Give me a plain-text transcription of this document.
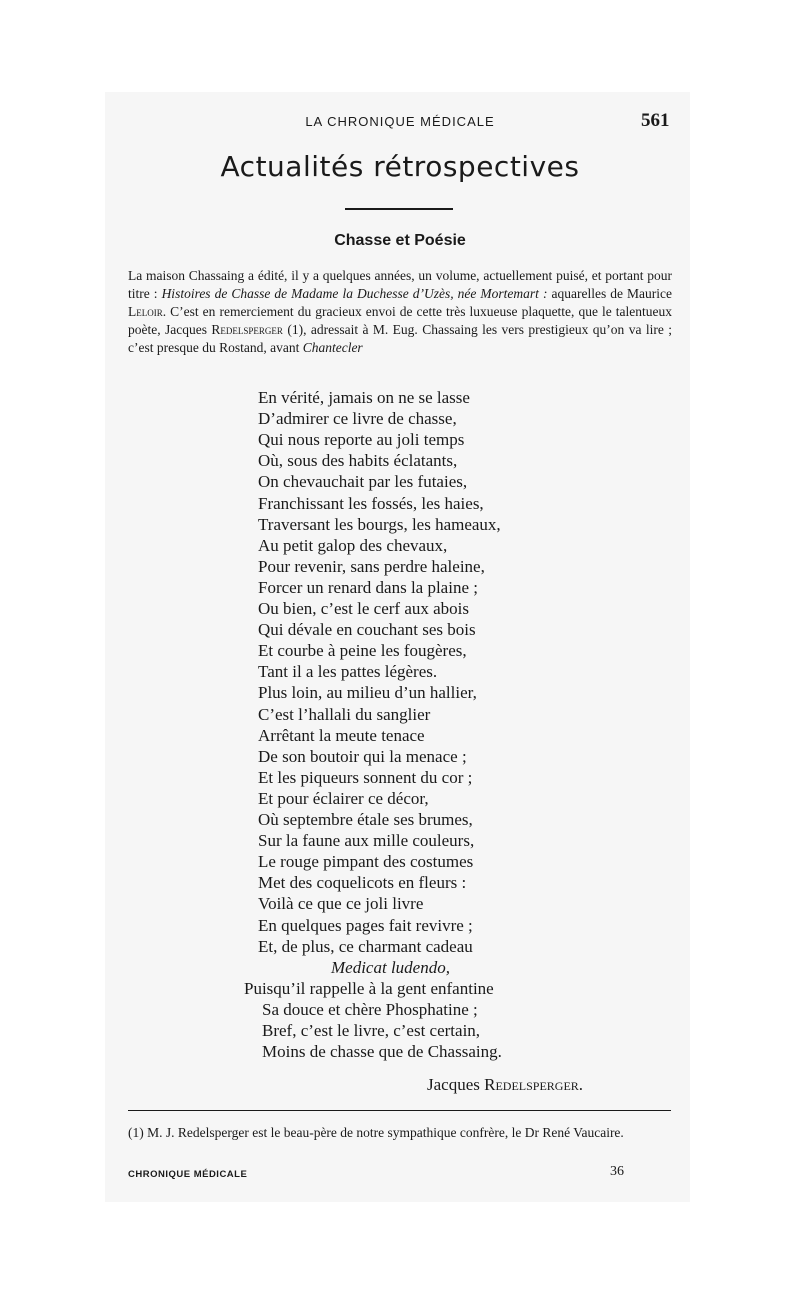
LA CHRONIQUE MÉDICALE	561
Actualités rétrospectives
Chasse et Poésie

La maison Chassaing a édité, il y a quelques années, un volume, actuellement puisé, et portant pour titre : Histoires de Chasse de Madame la Duchesse d’Uzès, née Mortemart : aquarelles de Maurice Leloir. C’est en remerciement du gracieux envoi de cette très luxueuse plaquette, que le talentueux poète, Jacques Redelsperger (1), adressait à M. Eug. Chassaing les vers prestigieux qu’on va lire ; c’est presque du Rostand, avant Chantecler

En vérité, jamais on ne se lasse
D’admirer ce livre de chasse,
Qui nous reporte au joli temps
Où, sous des habits éclatants,
On chevauchait par les futaies,
Franchissant les fossés, les haies,
Traversant les bourgs, les hameaux,
Au petit galop des chevaux,
Pour revenir, sans perdre haleine,
Forcer un renard dans la plaine ;
Ou bien, c’est le cerf aux abois
Qui dévale en couchant ses bois
Et courbe à peine les fougères,
Tant il a les pattes légères.
Plus loin, au milieu d’un hallier,
C’est l’hallali du sanglier
Arrêtant la meute tenace
De son boutoir qui la menace ;
Et les piqueurs sonnent du cor ;
Et pour éclairer ce décor,
Où septembre étale ses brumes,
Sur la faune aux mille couleurs,
Le rouge pimpant des costumes
Met des coquelicots en fleurs :
Voilà ce que ce joli livre
En quelques pages fait revivre ;
Et, de plus, ce charmant cadeau
Medicat ludendo,
Puisqu’il rappelle à la gent enfantine
Sa douce et chère Phosphatine ;
Bref, c’est le livre, c’est certain,
Moins de chasse que de Chassaing.
Jacques Redelsperger.

(1) M. J. Redelsperger est le beau-père de notre sympathique confrère, le Dr René Vaucaire.

CHRONIQUE MÉDICALE	36
